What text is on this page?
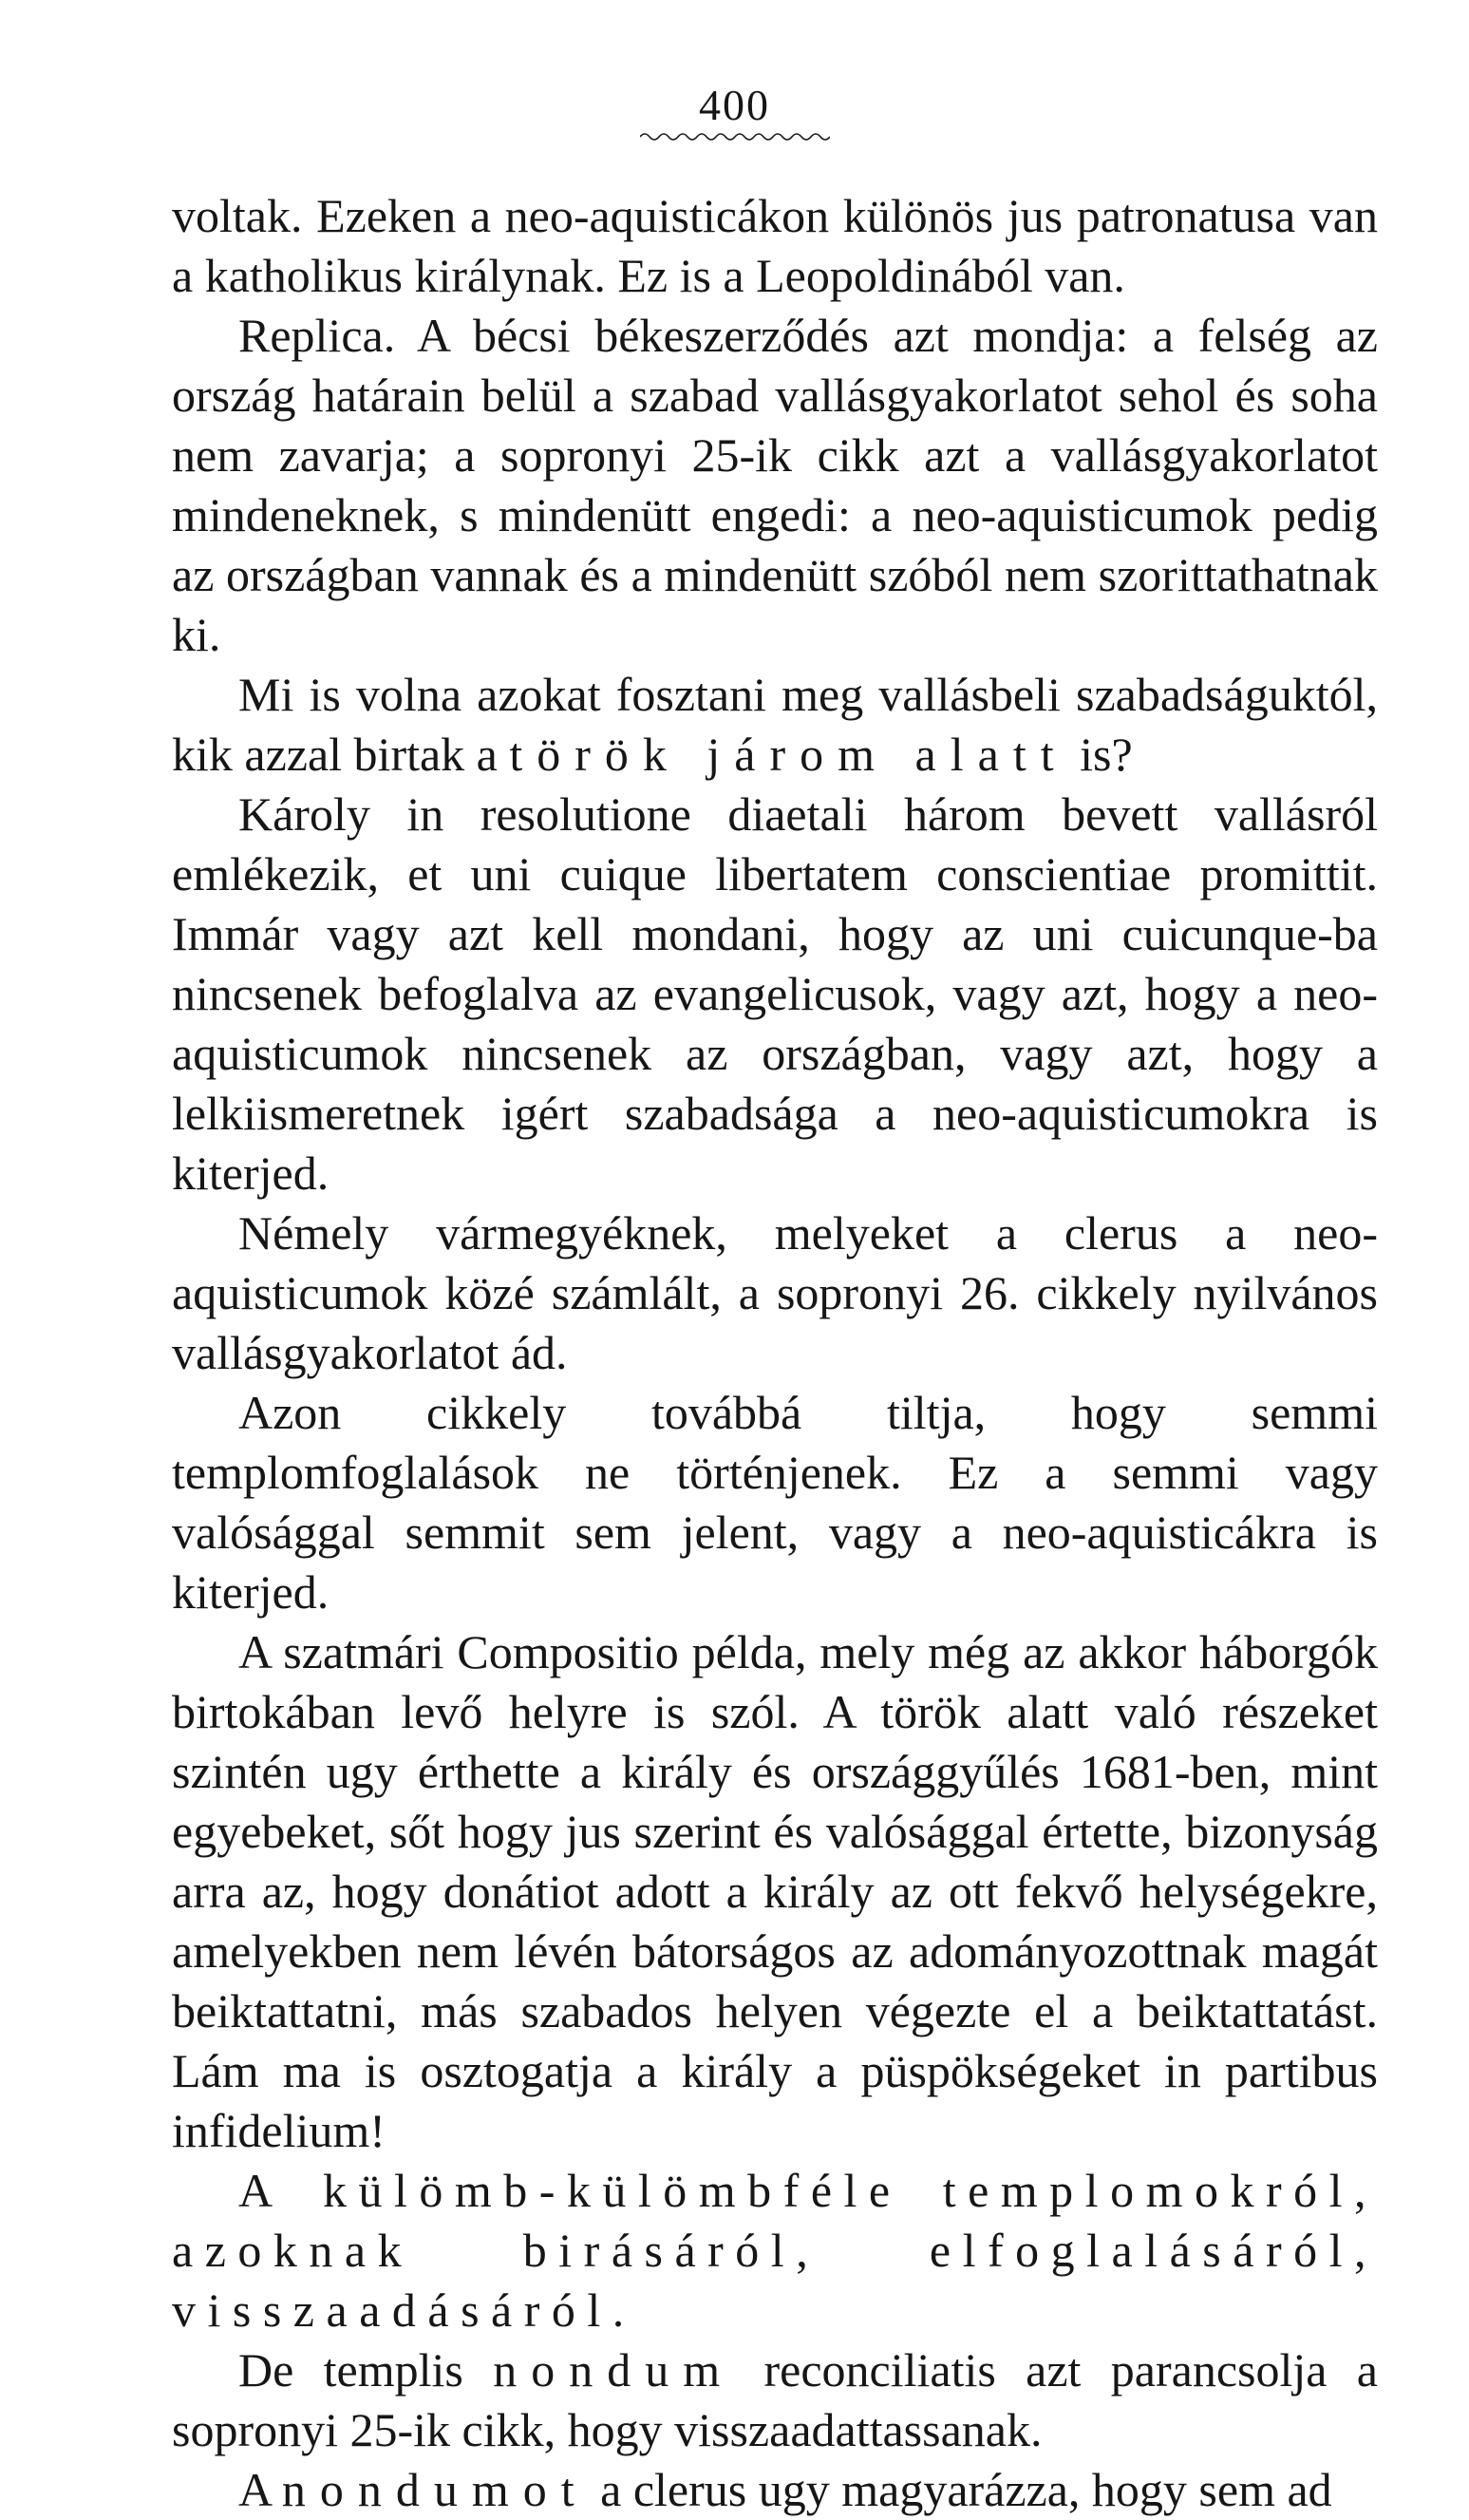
400

voltak. Ezeken a neo-aquisticákon különös jus patronatusa van a katholikus királynak. Ez is a Leopoldinából van.

Replica. A bécsi békeszerződés azt mondja: a felség az ország határain belül a szabad vallásgyakorlatot sehol és soha nem zavarja; a sopronyi 25-ik cikk azt a vallásgyakorlatot mindeneknek, s mindenütt engedi: a neo-aquisticumok pedig az országban vannak és a mindenütt szóból nem szorittathatnak ki.

Mi is volna azokat fosztani meg vallásbeli szabadságuktól, kik azzal birtak a török járom alatt is?

Károly in resolutione diaetali három bevett vallásról emlékezik, et uni cuique libertatem conscientiae promittit. Immár vagy azt kell mondani, hogy az uni cuicunque-ba nincsenek befoglalva az evangelicusok, vagy azt, hogy a neo-aquisticumok nincsenek az országban, vagy azt, hogy a lelkiismeretnek igért szabadsága a neo-aquisticumokra is kiterjed.

Némely vármegyéknek, melyeket a clerus a neo-aquisticumok közé számlált, a sopronyi 26. cikkely nyilvános vallásgyakorlatot ád.

Azon cikkely továbbá tiltja, hogy semmi templomfoglalások ne történjenek. Ez a semmi vagy valósággal semmit sem jelent, vagy a neo-aquisticákra is kiterjed.

A szatmári Compositio példa, mely még az akkor háborgók birtokában levő helyre is szól. A török alatt való részeket szintén ugy érthette a király és országgyűlés 1681-ben, mint egyebeket, sőt hogy jus szerint és valósággal értette, bizonyság arra az, hogy donátiot adott a király az ott fekvő helységekre, amelyekben nem lévén bátorságos az adományozottnak magát beiktattatni, más szabados helyen végezte el a beiktattatást. Lám ma is osztogatja a király a püspökségeket in partibus infidelium!

A külömb-külömbféle templomokról, azoknak birásáról, elfoglalásáról, visszaadásáról.

De templis nondum reconciliatis azt parancsolja a sopronyi 25-ik cikk, hogy visszaadattassanak.

A nondumot a clerus ugy magyarázza, hogy sem ad
